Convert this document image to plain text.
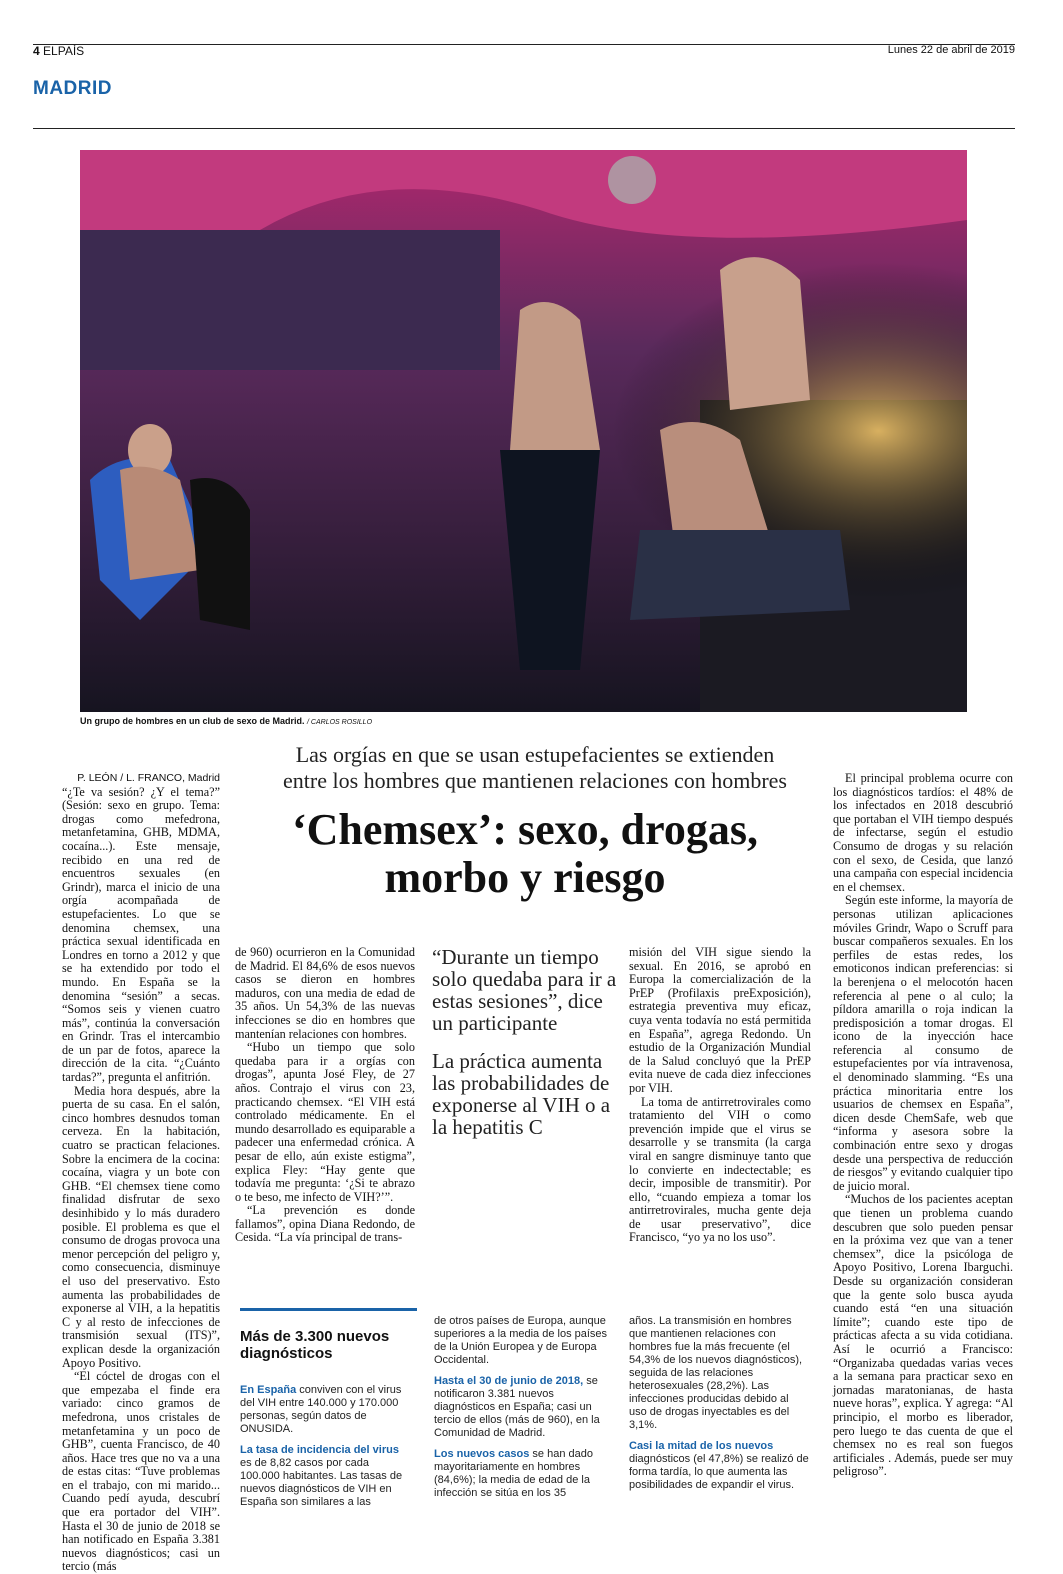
4 ELPAÍS	Lunes 22 de abril de 2019
MADRID
Un grupo de hombres en un club de sexo de Madrid. / CARLOS ROSILLO
Las orgías en que se usan estupefacientes se extienden
entre los hombres que mantienen relaciones con hombres
‘Chemsex’: sexo, drogas,
morbo y riesgo
P. LEÓN / L. FRANCO, Madrid

“¿Te va sesión? ¿Y el tema?” (Sesión: sexo en grupo. Tema: drogas como mefedrona, metanfetamina, GHB, MDMA, cocaína...). Este mensaje, recibido en una red de encuentros sexuales (en Grindr), marca el inicio de una orgía acompañada de estupefacientes. Lo que se denomina chemsex, una práctica sexual identificada en Londres en torno a 2012 y que se ha extendido por todo el mundo. En España se la denomina “sesión” a secas. “Somos seis y vienen cuatro más”, continúa la conversación en Grindr. Tras el intercambio de un par de fotos, aparece la dirección de la cita. “¿Cuánto tardas?”, pregunta el anfitrión.

Media hora después, abre la puerta de su casa. En el salón, cinco hombres desnudos toman cerveza. En la habitación, cuatro se practican felaciones. Sobre la encimera de la cocina: cocaína, viagra y un bote con GHB. “El chemsex tiene como finalidad disfrutar de sexo desinhibido y lo más duradero posible. El problema es que el consumo de drogas provoca una menor percepción del peligro y, como consecuencia, disminuye el uso del preservativo. Esto aumenta las probabilidades de exponerse al VIH, a la hepatitis C y al resto de infecciones de transmisión sexual (ITS)”, explican desde la organización Apoyo Positivo.

“El cóctel de drogas con el que empezaba el finde era variado: cinco gramos de mefedrona, unos cristales de metanfetamina y un poco de GHB”, cuenta Francisco, de 40 años. Hace tres que no va a una de estas citas: “Tuve problemas en el trabajo, con mi marido... Cuando pedí ayuda, descubrí que era portador del VIH”. Hasta el 30 de junio de 2018 se han notificado en España 3.381 nuevos diagnósticos; casi un tercio (más

de 960) ocurrieron en la Comunidad de Madrid. El 84,6% de esos nuevos casos se dieron en hombres maduros, con una media de edad de 35 años. Un 54,3% de las nuevas infecciones se dio en hombres que mantenían relaciones con hombres.

“Hubo un tiempo que solo quedaba para ir a orgías con drogas”, apunta José Fley, de 27 años. Contrajo el virus con 23, practicando chemsex. “El VIH está controlado médicamente. En el mundo desarrollado es equiparable a padecer una enfermedad crónica. A pesar de ello, aún existe estigma”, explica Fley: “Hay gente que todavía me pregunta: ‘¿Si te abrazo o te beso, me infecto de VIH?’”.

“La prevención es donde fallamos”, opina Diana Redondo, de Cesida. “La vía principal de trans-

“Durante un tiempo solo quedaba para ir a estas sesiones”, dice un participante
La práctica aumenta las probabilidades de exponerse al VIH o a la hepatitis C

misión del VIH sigue siendo la sexual. En 2016, se aprobó en Europa la comercialización de la PrEP (Profilaxis preExposición), estrategia preventiva muy eficaz, cuya venta todavía no está permitida en España”, agrega Redondo. Un estudio de la Organización Mundial de la Salud concluyó que la PrEP evita nueve de cada diez infecciones por VIH.

La toma de antirretrovirales como tratamiento del VIH o como prevención impide que el virus se desarrolle y se transmita (la carga viral en sangre disminuye tanto que lo convierte en indectectable; es decir, imposible de transmitir). Por ello, “cuando empieza a tomar los antirretrovirales, mucha gente deja de usar preservativo”, dice Francisco, “yo ya no los uso”.

El principal problema ocurre con los diagnósticos tardíos: el 48% de los infectados en 2018 descubrió que portaban el VIH tiempo después de infectarse, según el estudio Consumo de drogas y su relación con el sexo, de Cesida, que lanzó una campaña con especial incidencia en el chemsex.

Según este informe, la mayoría de personas utilizan aplicaciones móviles Grindr, Wapo o Scruff para buscar compañeros sexuales. En los perfiles de estas redes, los emoticonos indican preferencias: si la berenjena o el melocotón hacen referencia al pene o al culo; la píldora amarilla o roja indican la predisposición a tomar drogas. El icono de la inyección hace referencia al consumo de estupefacientes por vía intravenosa, el denominado slamming. “Es una práctica minoritaria entre los usuarios de chemsex en España”, dicen desde ChemSafe, web que “informa y asesora sobre la combinación entre sexo y drogas desde una perspectiva de reducción de riesgos” y evitando cualquier tipo de juicio moral.

“Muchos de los pacientes aceptan que tienen un problema cuando descubren que solo pueden pensar en la próxima vez que van a tener chemsex”, dice la psicóloga de Apoyo Positivo, Lorena Ibarguchi. Desde su organización consideran que la gente solo busca ayuda cuando está “en una situación límite”; cuando este tipo de prácticas afecta a su vida cotidiana. Así le ocurrió a Francisco: “Organizaba quedadas varias veces a la semana para practicar sexo en jornadas maratonianas, de hasta nueve horas”, explica. Y agrega: “Al principio, el morbo es liberador, pero luego te das cuenta de que el chemsex no es real son fuegos artificiales . Además, puede ser muy peligroso”.

Más de 3.300 nuevos diagnósticos

En España conviven con el virus del VIH entre 140.000 y 170.000 personas, según datos de ONUSIDA.

La tasa de incidencia del virus es de 8,82 casos por cada 100.000 habitantes. Las tasas de nuevos diagnósticos de VIH en España son similares a las

de otros países de Europa, aunque superiores a la media de los países de la Unión Europea y de Europa Occidental.

Hasta el 30 de junio de 2018, se notificaron 3.381 nuevos diagnósticos en España; casi un tercio de ellos (más de 960), en la Comunidad de Madrid.

Los nuevos casos se han dado mayoritariamente en hombres (84,6%); la media de edad de la infección se sitúa en los 35

años. La transmisión en hombres que mantienen relaciones con hombres fue la más frecuente (el 54,3% de los nuevos diagnósticos), seguida de las relaciones heterosexuales (28,2%). Las infecciones producidas debido al uso de drogas inyectables es del 3,1%.

Casi la mitad de los nuevos diagnósticos (el 47,8%) se realizó de forma tardía, lo que aumenta las posibilidades de expandir el virus.
